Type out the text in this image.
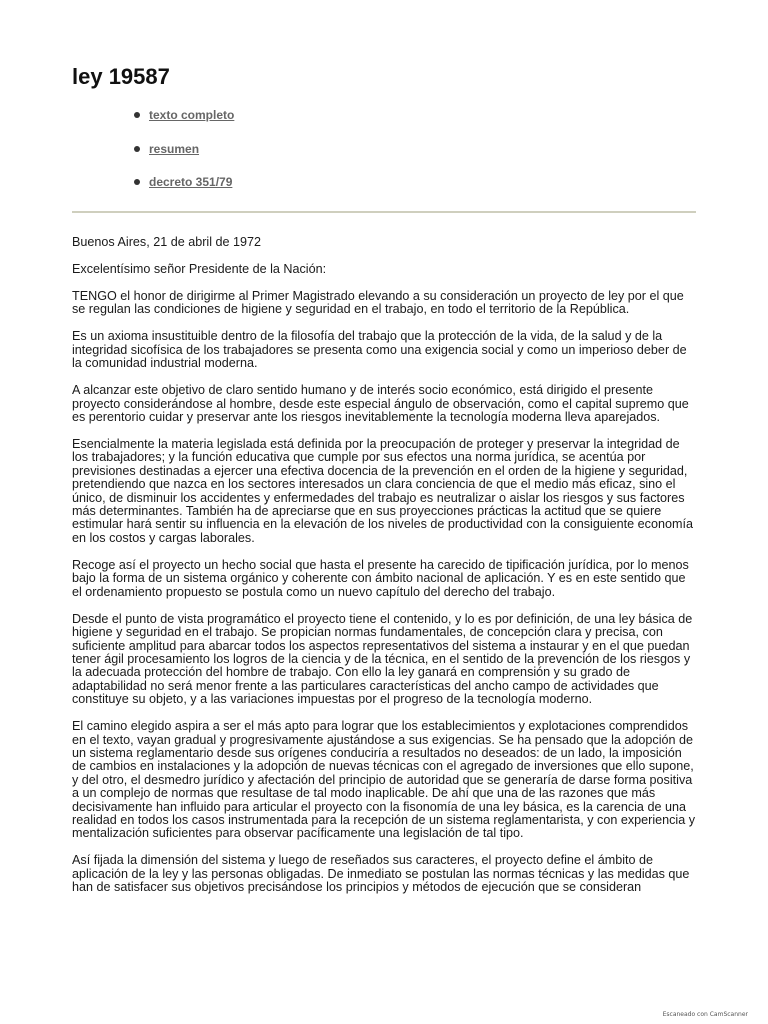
ley 19587
texto completo
resumen
decreto 351/79

Buenos Aires, 21 de abril de 1972

Excelentísimo señor Presidente de la Nación:

TENGO el honor de dirigirme al Primer Magistrado elevando a su consideración un proyecto de ley por el que se regulan las condiciones de higiene y seguridad en el trabajo, en todo el territorio de la República.

Es un axioma insustituible dentro de la filosofía del trabajo que la protección de la vida, de la salud y de la integridad sicofísica de los trabajadores se presenta como una exigencia social y como un imperioso deber de la comunidad industrial moderna.

A alcanzar este objetivo de claro sentido humano y de interés socio económico, está dirigido el presente proyecto considerándose al hombre, desde este especial ángulo de observación, como el capital supremo que es perentorio cuidar y preservar ante los riesgos inevitablemente la tecnología moderna lleva aparejados.

Esencialmente la materia legislada está definida por la preocupación de proteger y preservar la integridad de los trabajadores; y la función educativa que cumple por sus efectos una norma jurídica, se acentúa por previsiones destinadas a ejercer una efectiva docencia de la prevención en el orden de la higiene y seguridad, pretendiendo que nazca en los sectores interesados un clara conciencia de que el medio más eficaz, sino el único, de disminuir los accidentes y enfermedades del trabajo es neutralizar o aislar los riesgos y sus factores más determinantes. También ha de apreciarse que en sus proyecciones prácticas la actitud que se quiere estimular hará sentir su influencia en la elevación de los niveles de productividad con la consiguiente economía en los costos y cargas laborales.

Recoge así el proyecto un hecho social que hasta el presente ha carecido de tipificación jurídica, por lo menos bajo la forma de un sistema orgánico y coherente con ámbito nacional de aplicación. Y es en este sentido que el ordenamiento propuesto se postula como un nuevo capítulo del derecho del trabajo.

Desde el punto de vista programático el proyecto tiene el contenido, y lo es por definición, de una ley básica de higiene y seguridad en el trabajo. Se propician normas fundamentales, de concepción clara y precisa, con suficiente amplitud para abarcar todos los aspectos representativos del sistema a instaurar y en el que puedan tener ágil procesamiento los logros de la ciencia y de la técnica, en el sentido de la prevención de los riesgos y la adecuada protección del hombre de trabajo. Con ello la ley ganará en comprensión y su grado de adaptabilidad no será menor frente a las particulares características del ancho campo de actividades que constituye su objeto, y a las variaciones impuestas por el progreso de la tecnología moderno.

El camino elegido aspira a ser el más apto para lograr que los establecimientos y explotaciones comprendidos en el texto, vayan gradual y progresivamente ajustándose a sus exigencias. Se ha pensado que la adopción de un sistema reglamentario desde sus orígenes conduciría a resultados no deseados: de un lado, la imposición de cambios en instalaciones y la adopción de nuevas técnicas con el agregado de inversiones que ello supone, y del otro, el desmedro jurídico y afectación del principio de autoridad que se generaría de darse forma positiva a un complejo de normas que resultase de tal modo inaplicable. De ahí que una de las razones que más decisivamente han influido para articular el proyecto con la fisonomía de una ley básica, es la carencia de una realidad en todos los casos instrumentada para la recepción de un sistema reglamentarista, y con experiencia y mentalización suficientes para observar pacíficamente una legislación de tal tipo.

Así fijada la dimensión del sistema y luego de reseñados sus caracteres, el proyecto define el ámbito de aplicación de la ley y las personas obligadas. De inmediato se postulan las normas técnicas y las medidas que han de satisfacer sus objetivos precisándose los principios y métodos de ejecución que se consideran

Escaneado con CamScanner
